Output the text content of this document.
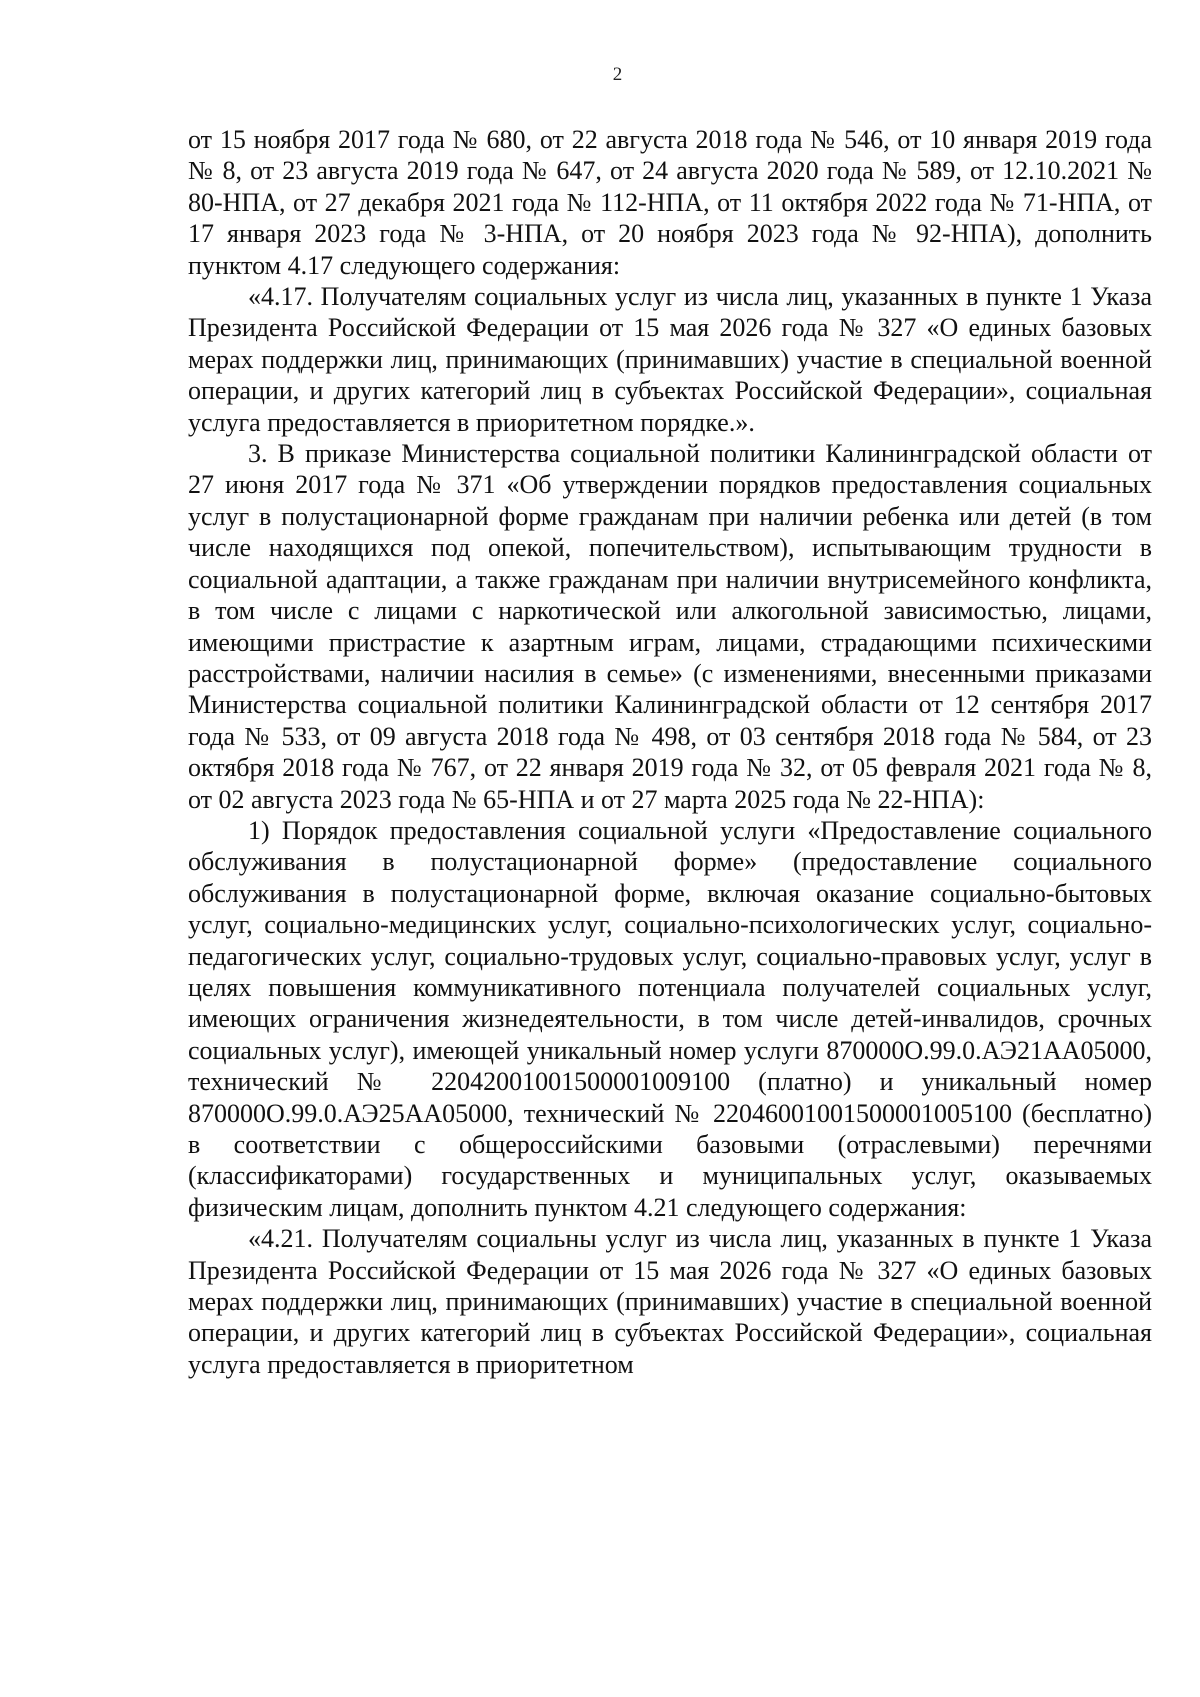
2

от 15 ноября 2017 года № 680, от 22 августа 2018 года № 546, от 10 января 2019 года № 8, от 23 августа 2019 года № 647, от 24 августа 2020 года № 589, от 12.10.2021 № 80-НПА, от 27 декабря 2021 года № 112-НПА, от 11 октября 2022 года № 71-НПА, от 17 января 2023 года № 3-НПА, от 20 ноября 2023 года № 92-НПА), дополнить пунктом 4.17 следующего содержания:

«4.17. Получателям социальных услуг из числа лиц, указанных в пункте 1 Указа Президента Российской Федерации от 15 мая 2026 года № 327 «О единых базовых мерах поддержки лиц, принимающих (принимавших) участие в специальной военной операции, и других категорий лиц в субъектах Российской Федерации», социальная услуга предоставляется в приоритетном порядке.».

3. В приказе Министерства социальной политики Калининградской области от 27 июня 2017 года № 371 «Об утверждении порядков предоставления социальных услуг в полустационарной форме гражданам при наличии ребенка или детей (в том числе находящихся под опекой, попечительством), испытывающим трудности в социальной адаптации, а также гражданам при наличии внутрисемейного конфликта, в том числе с лицами с наркотической или алкогольной зависимостью, лицами, имеющими пристрастие к азартным играм, лицами, страдающими психическими расстройствами, наличии насилия в семье» (с изменениями, внесенными приказами Министерства социальной политики Калининградской области от 12 сентября 2017 года № 533, от 09 августа 2018 года № 498, от 03 сентября 2018 года № 584, от 23 октября 2018 года № 767, от 22 января 2019 года № 32, от 05 февраля 2021 года № 8, от 02 августа 2023 года № 65-НПА и от 27 марта 2025 года № 22-НПА):

1) Порядок предоставления социальной услуги «Предоставление социального обслуживания в полустационарной форме» (предоставление социального обслуживания в полустационарной форме, включая оказание социально-бытовых услуг, социально-медицинских услуг, социально-психологических услуг, социально-педагогических услуг, социально-трудовых услуг, социально-правовых услуг, услуг в целях повышения коммуникативного потенциала получателей социальных услуг, имеющих ограничения жизнедеятельности, в том числе детей-инвалидов, срочных социальных услуг), имеющей уникальный номер услуги 870000О.99.0.АЭ21АА05000, технический № 2204200100150000100910​0 (платно) и уникальный номер 870000О.99.0.АЭ25АА05000, технический № 2204600100150000100510​0 (бесплатно) в соответствии с общероссийскими базовыми (отраслевыми) перечнями (классификаторами) государственных и муниципальных услуг, оказываемых физическим лицам, дополнить пунктом 4.21 следующего содержания:

«4.21. Получателям социальны услуг из числа лиц, указанных в пункте 1 Указа Президента Российской Федерации от 15 мая 2026 года № 327 «О единых базовых мерах поддержки лиц, принимающих (принимавших) участие в специальной военной операции, и других категорий лиц в субъектах Российской Федерации», социальная услуга предоставляется в приоритетном
